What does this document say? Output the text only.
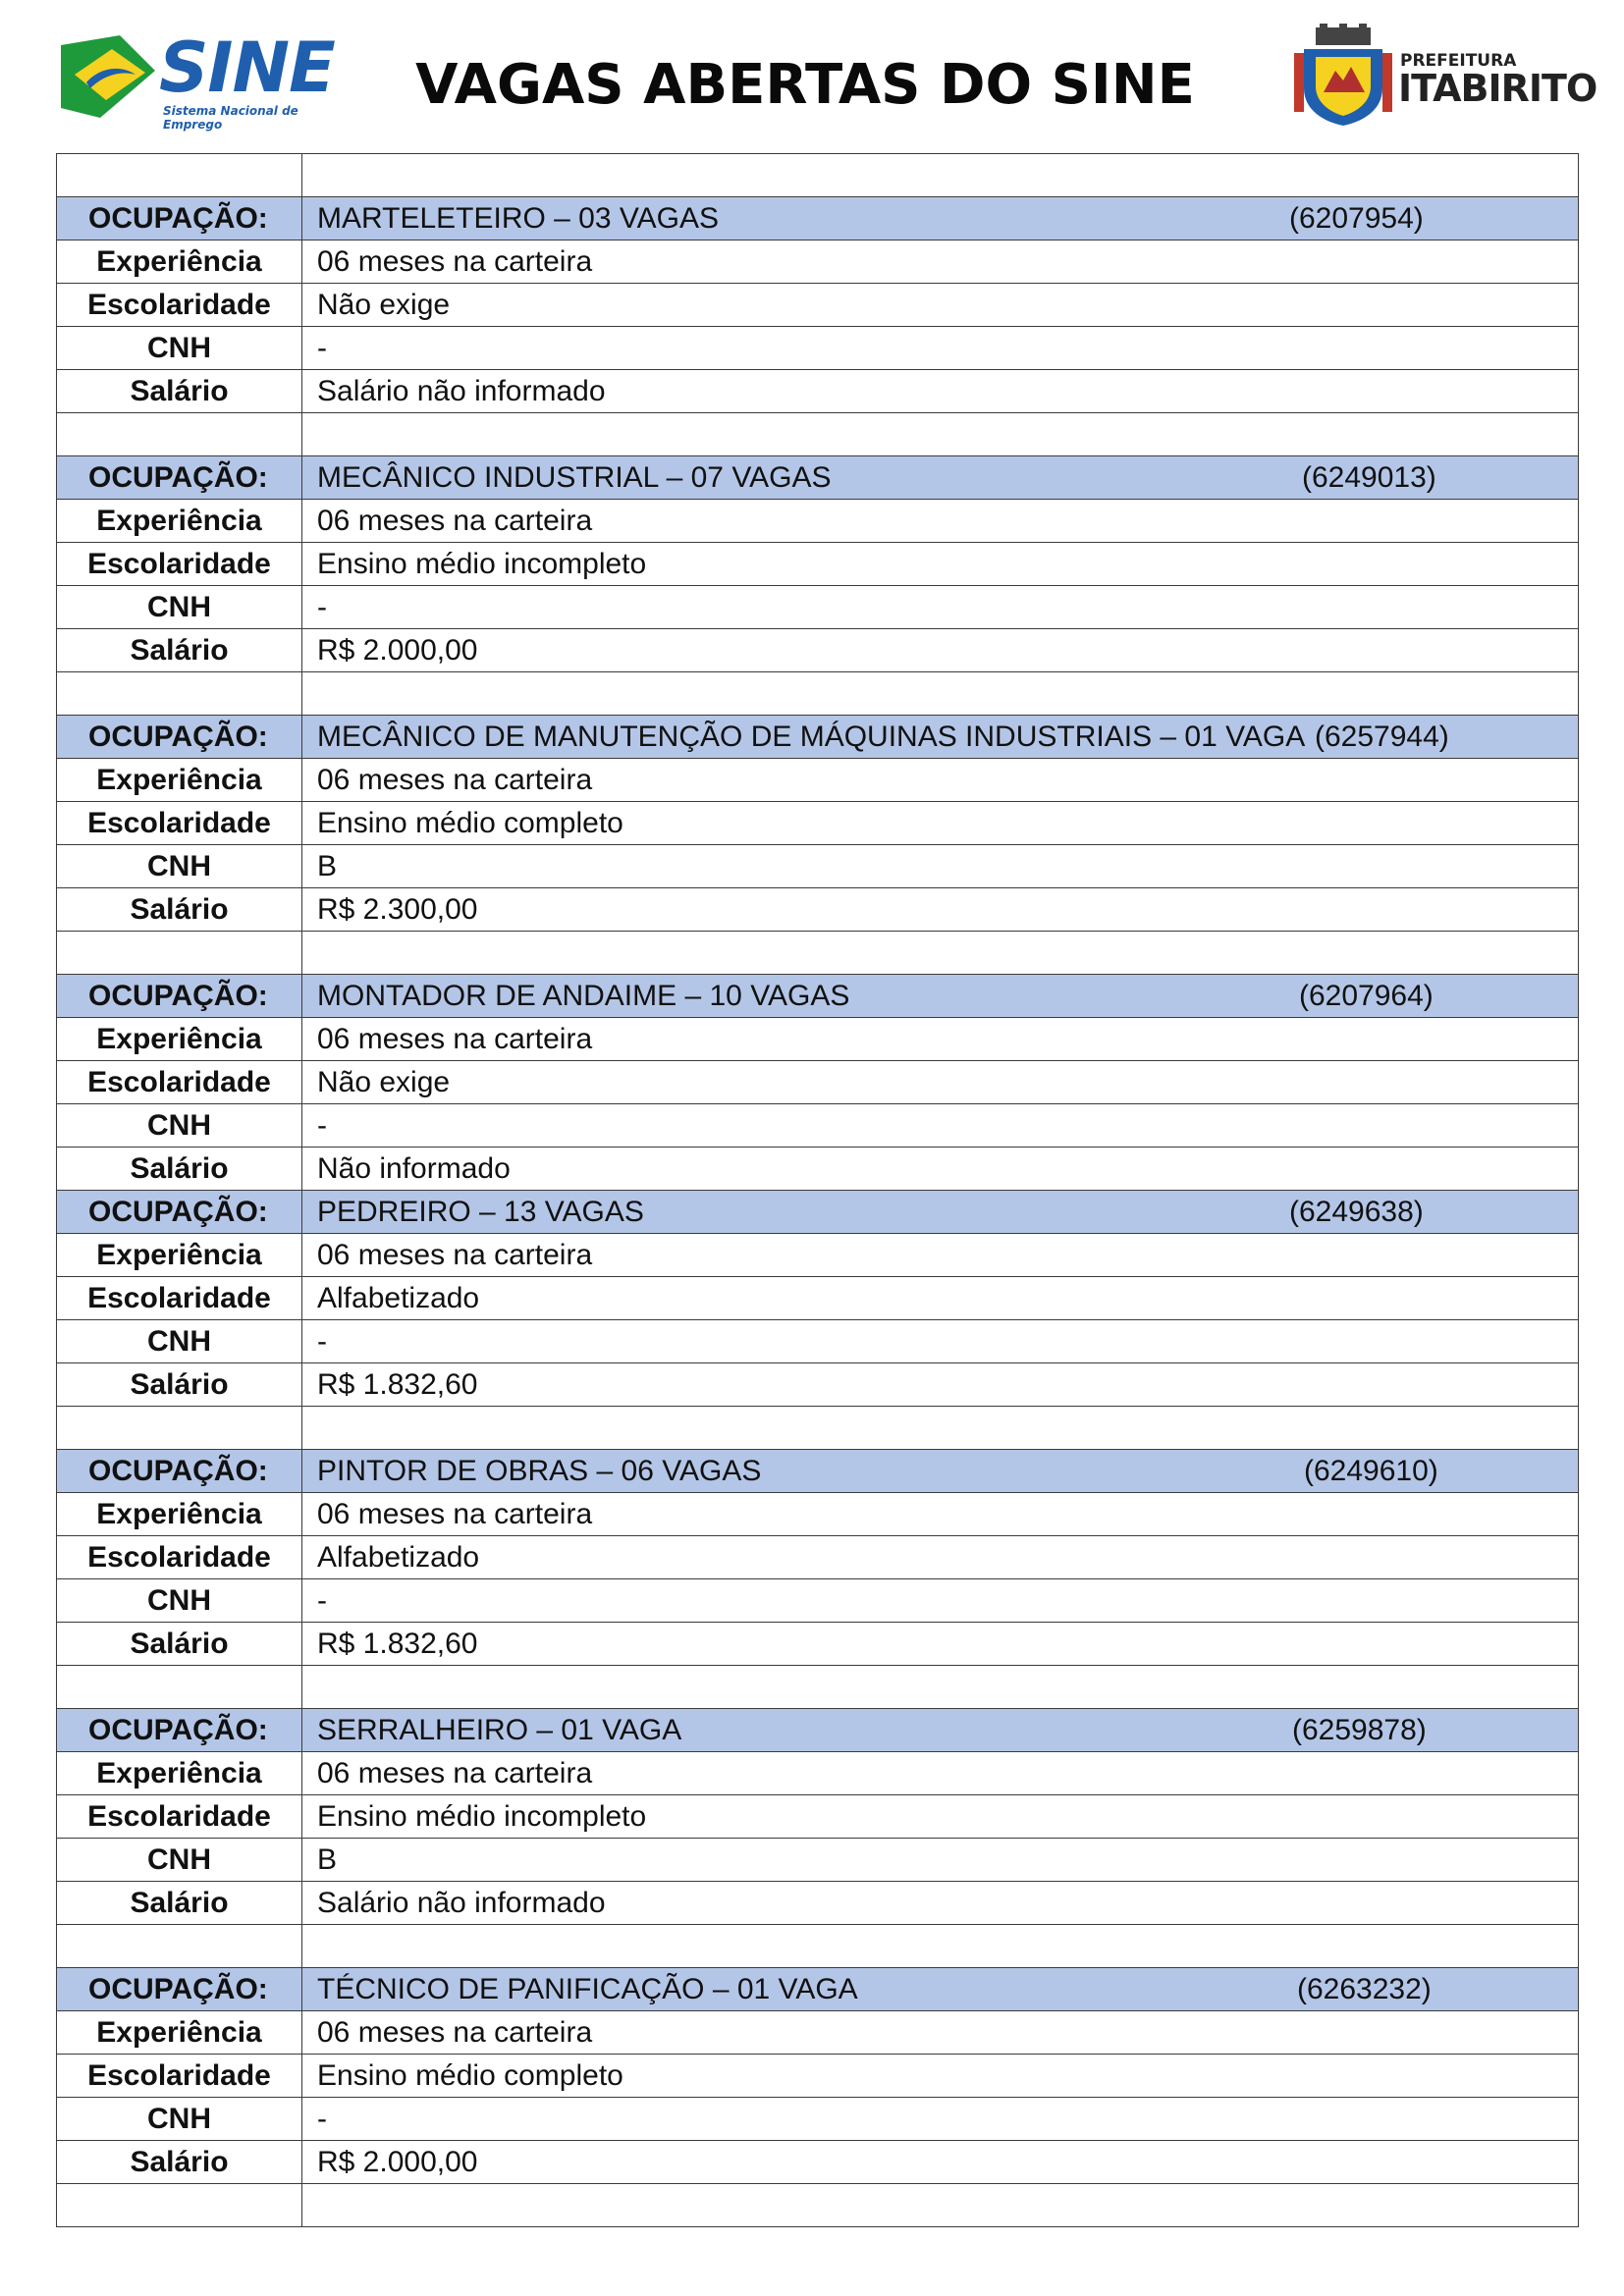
SINE
Sistema Nacional de Emprego
VAGAS ABERTAS DO SINE	PREFEITURA
ITABIRITO

OCUPAÇÃO:	MARTELETEIRO – 03 VAGAS (6207954)

Experiência	06 meses na carteira
Escolaridade	Não exige
CNH	-
Salário	Salário não informado

OCUPAÇÃO:	MECÂNICO INDUSTRIAL – 07 VAGAS (6249013)

Experiência	06 meses na carteira
Escolaridade	Ensino médio incompleto
CNH	-
Salário	R$ 2.000,00

OCUPAÇÃO:	MECÂNICO DE MANUTENÇÃO DE MÁQUINAS INDUSTRIAIS – 01 VAGA (6257944)

Experiência	06 meses na carteira
Escolaridade	Ensino médio completo
CNH	B
Salário	R$ 2.300,00

OCUPAÇÃO:	MONTADOR DE ANDAIME – 10 VAGAS (6207964)

Experiência	06 meses na carteira
Escolaridade	Não exige
CNH	-
Salário	Não informado
OCUPAÇÃO:	PEDREIRO – 13 VAGAS (6249638)

Experiência	06 meses na carteira
Escolaridade	Alfabetizado
CNH	-
Salário	R$ 1.832,60

OCUPAÇÃO:	PINTOR DE OBRAS – 06 VAGAS (6249610)

Experiência	06 meses na carteira
Escolaridade	Alfabetizado
CNH	-
Salário	R$ 1.832,60

OCUPAÇÃO:	SERRALHEIRO – 01 VAGA (6259878)

Experiência	06 meses na carteira
Escolaridade	Ensino médio incompleto
CNH	B
Salário	Salário não informado

OCUPAÇÃO:	TÉCNICO DE PANIFICAÇÃO – 01 VAGA (6263232)

Experiência	06 meses na carteira
Escolaridade	Ensino médio completo
CNH	-
Salário	R$ 2.000,00
